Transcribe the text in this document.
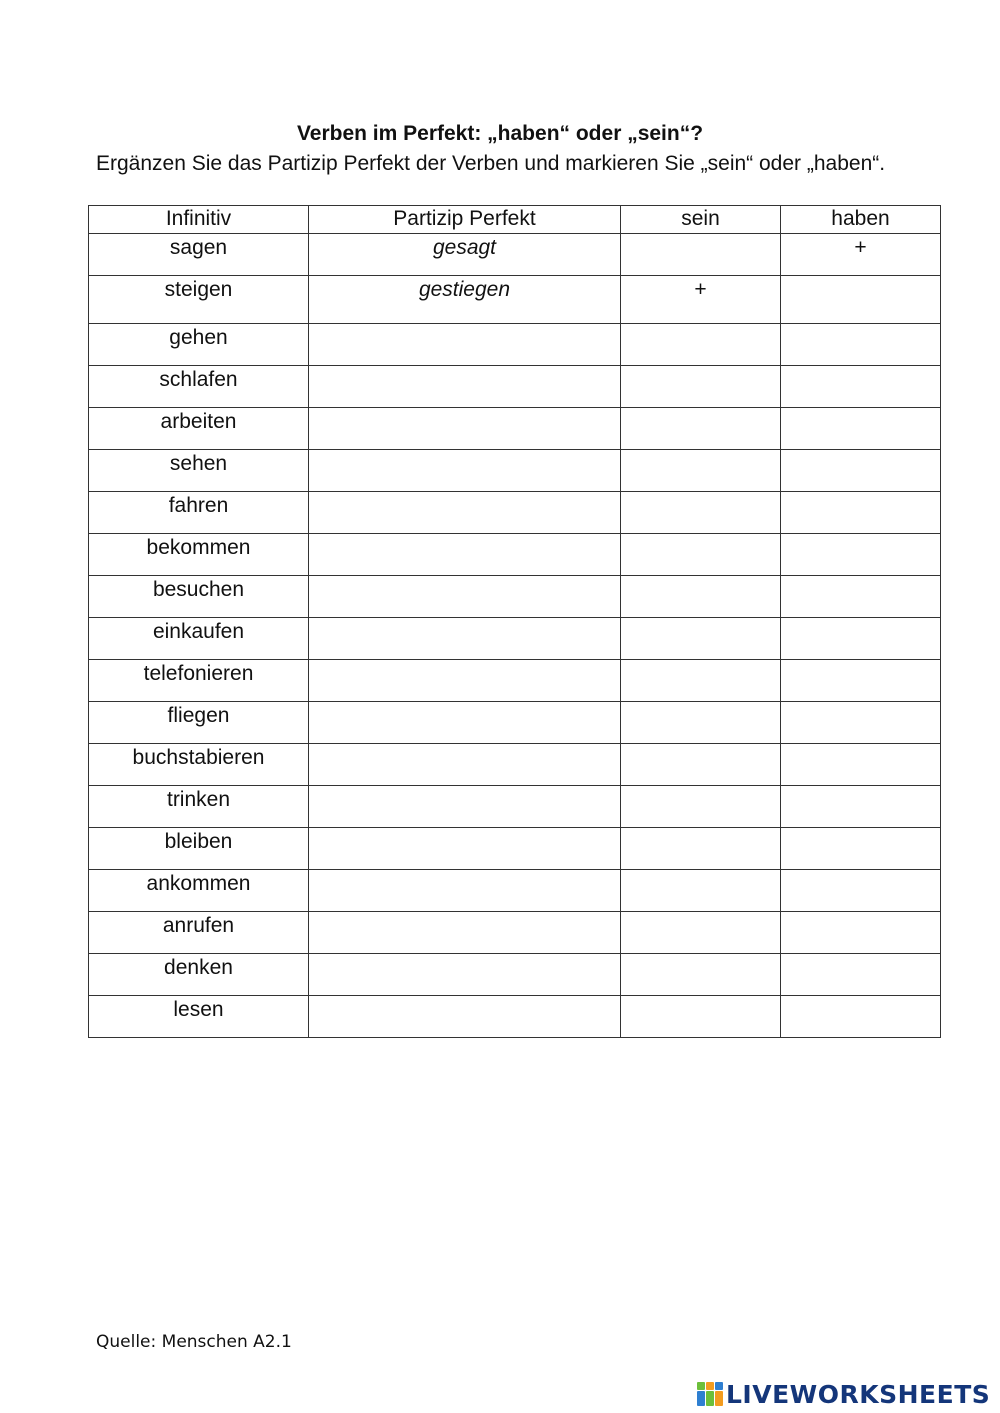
Verben im Perfekt: „haben“ oder „sein“?
Ergänzen Sie das Partizip Perfekt der Verben und markieren Sie „sein“ oder „haben“.
Infinitiv	Partizip Perfekt	sein	haben
sagen	gesagt		+
steigen	gestiegen	+	
gehen			
schlafen			
arbeiten			
sehen			
fahren			
bekommen			
besuchen			
einkaufen			
telefonieren			
fliegen			
buchstabieren			
trinken			
bleiben			
ankommen			
anrufen			
denken			
lesen			
Quelle: Menschen A2.1
LIVEWORKSHEETS
